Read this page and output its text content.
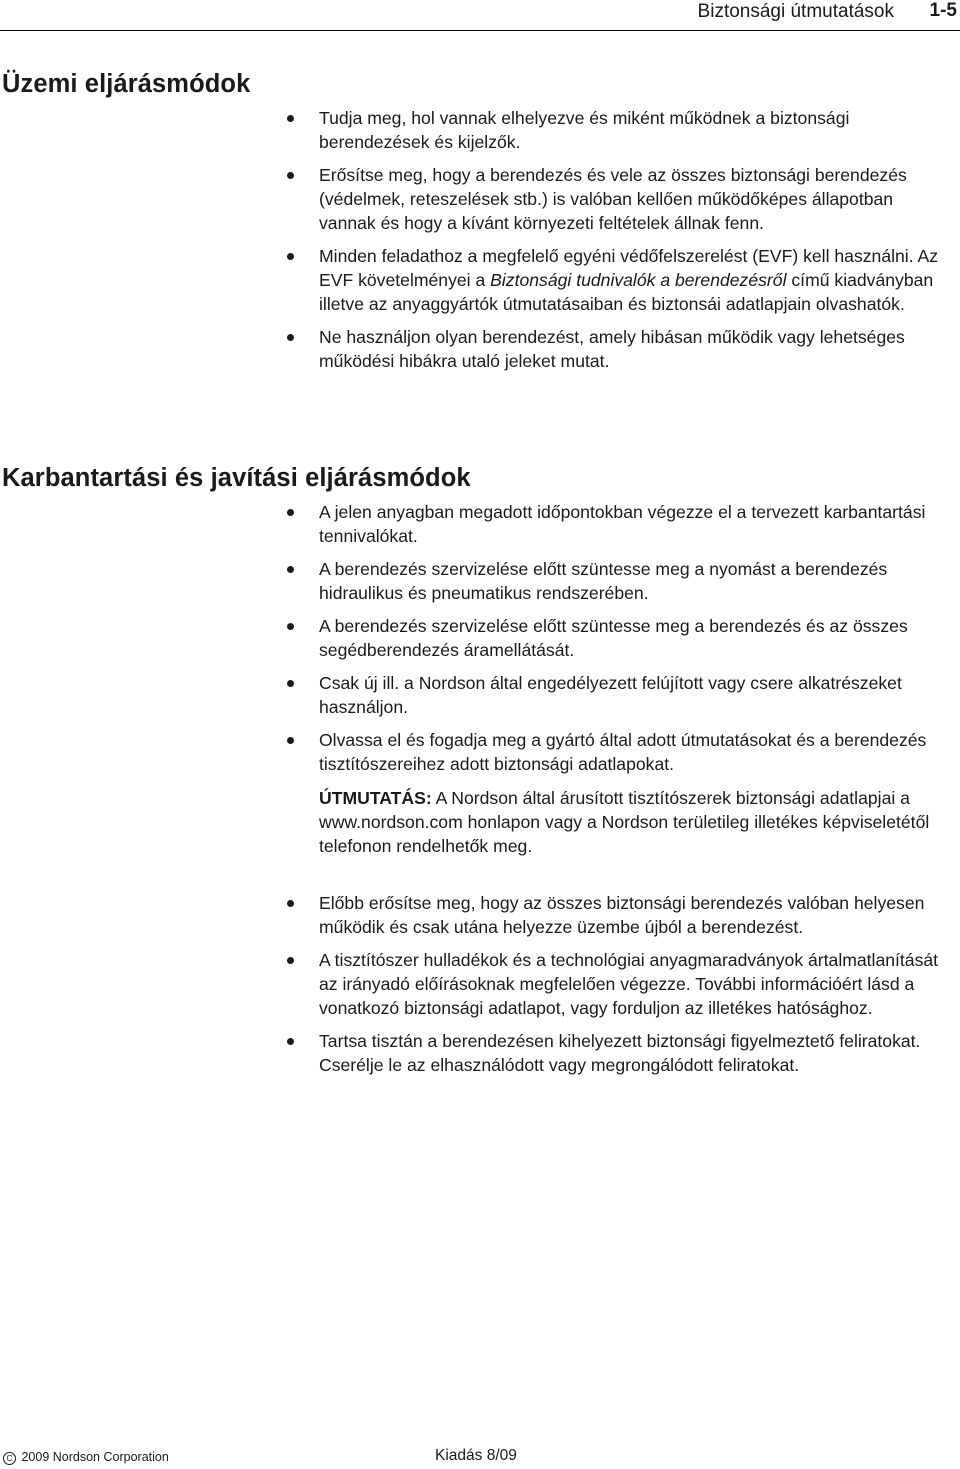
Biztonsági útmutatások 1-5
Üzemi eljárásmódok
Tudja meg, hol vannak elhelyezve és miként működnek a biztonsági berendezések és kijelzők.
Erősítse meg, hogy a berendezés és vele az összes biztonsági berendezés (védelmek, reteszelések stb.) is valóban kellően működőképes állapotban vannak és hogy a kívánt környezeti feltételek állnak fenn.
Minden feladathoz a megfelelő egyéni védőfelszerelést (EVF) kell használni. Az EVF követelményei a Biztonsági tudnivalók a berendezésről című kiadványban illetve az anyaggyártók útmutatásaiban és biztonsái adatlapjain olvashatók.
Ne használjon olyan berendezést, amely hibásan működik vagy lehetséges működési hibákra utaló jeleket mutat.
Karbantartási és javítási eljárásmódok
A jelen anyagban megadott időpontokban végezze el a tervezett karbantartási tennivalókat.
A berendezés szervizelése előtt szüntesse meg a nyomást a berendezés hidraulikus és pneumatikus rendszerében.
A berendezés szervizelése előtt szüntesse meg a berendezés és az összes segédberendezés áramellátását.
Csak új ill. a Nordson által engedélyezett felújított vagy csere alkatrészeket használjon.
Olvassa el és fogadja meg a gyártó által adott útmutatásokat és a berendezés tisztítószereihez adott biztonsági adatlapokat.
ÚTMUTATÁS: A Nordson által árusított tisztítószerek biztonsági adatlapjai a www.nordson.com honlapon vagy a Nordson területileg illetékes képviseletétől telefonon rendelhetők meg.
Előbb erősítse meg, hogy az összes biztonsági berendezés valóban helyesen működik és csak utána helyezze üzembe újból a berendezést.
A tisztítószer hulladékok és a technológiai anyagmaradványok ártalmatlanítását az irányadó előírásoknak megfelelően végezze. További információért lásd a vonatkozó biztonsági adatlapot, vagy forduljon az illetékes hatósághoz.
Tartsa tisztán a berendezésen kihelyezett biztonsági figyelmeztető feliratokat. Cserélje le az elhasználódott vagy megrongálódott feliratokat.
C 2009 Nordson Corporation	Kiadás 8/09
